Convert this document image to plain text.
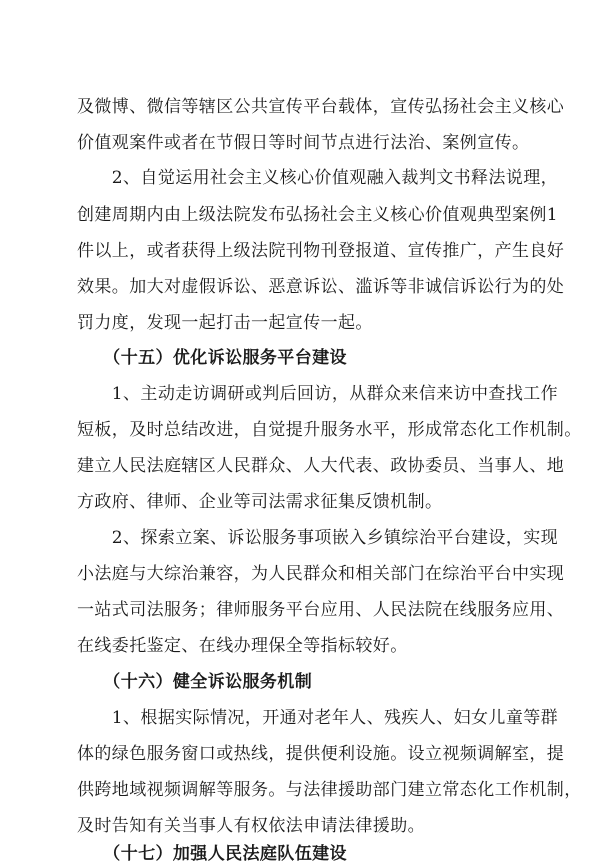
及微博、微信等辖区公共宣传平台载体，宣传弘扬社会主义核心
价值观案件或者在节假日等时间节点进行法治、案例宣传。
　　2、自觉运用社会主义核心价值观融入裁判文书释法说理，
创建周期内由上级法院发布弘扬社会主义核心价值观典型案例1
件以上，或者获得上级法院刊物刊登报道、宣传推广，产生良好
效果。加大对虚假诉讼、恶意诉讼、滥诉等非诚信诉讼行为的处
罚力度，发现一起打击一起宣传一起。
　　（十五）优化诉讼服务平台建设
　　1、主动走访调研或判后回访，从群众来信来访中查找工作
短板，及时总结改进，自觉提升服务水平，形成常态化工作机制。
建立人民法庭辖区人民群众、人大代表、政协委员、当事人、地
方政府、律师、企业等司法需求征集反馈机制。
　　2、探索立案、诉讼服务事项嵌入乡镇综治平台建设，实现
小法庭与大综治兼容，为人民群众和相关部门在综治平台中实现
一站式司法服务；律师服务平台应用、人民法院在线服务应用、
在线委托鉴定、在线办理保全等指标较好。
　　（十六）健全诉讼服务机制
　　1、根据实际情况，开通对老年人、残疾人、妇女儿童等群
体的绿色服务窗口或热线，提供便利设施。设立视频调解室，提
供跨地域视频调解等服务。与法律援助部门建立常态化工作机制，
及时告知有关当事人有权依法申请法律援助。
　　（十七）加强人民法庭队伍建设
